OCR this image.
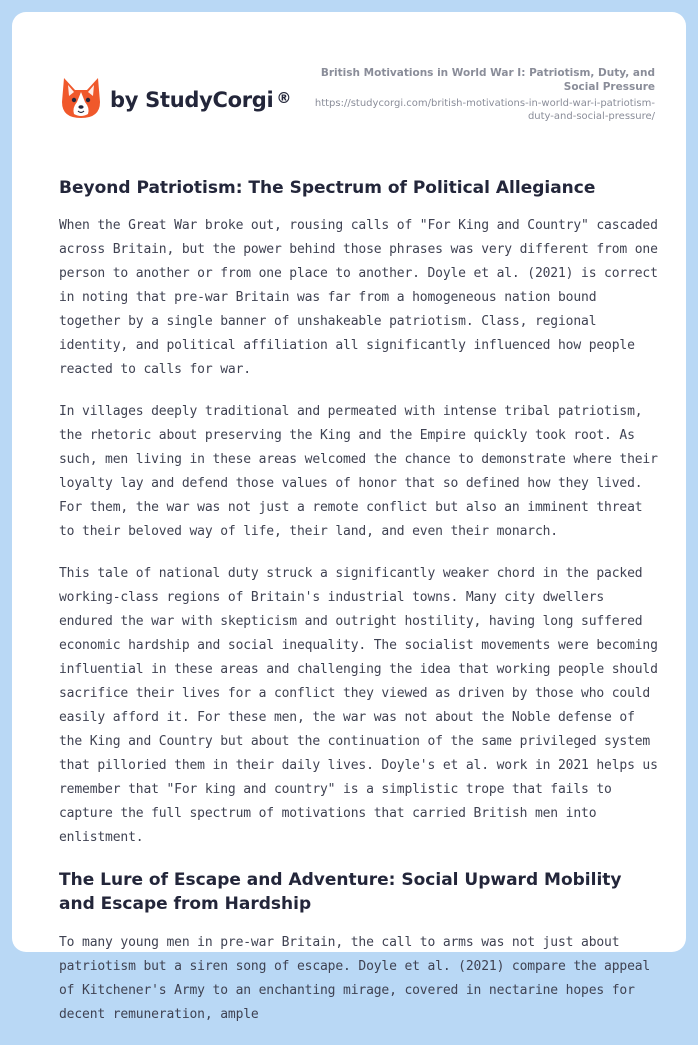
by StudyCorgi ®
British Motivations in World War I: Patriotism, Duty, and Social Pressure
https://studycorgi.com/british-motivations-in-world-war-i-patriotism-duty-and-social-pressure/
Beyond Patriotism: The Spectrum of Political Allegiance

When the Great War broke out, rousing calls of "For King and Country" cascaded across Britain, but the power behind those phrases was very different from one person to another or from one place to another. Doyle et al. (2021) is correct in noting that pre-war Britain was far from a homogeneous nation bound together by a single banner of unshakeable patriotism. Class, regional identity, and political affiliation all significantly influenced how people reacted to calls for war.

In villages deeply traditional and permeated with intense tribal patriotism, the rhetoric about preserving the King and the Empire quickly took root. As such, men living in these areas welcomed the chance to demonstrate where their loyalty lay and defend those values of honor that so defined how they lived. For them, the war was not just a remote conflict but also an imminent threat to their beloved way of life, their land, and even their monarch.

This tale of national duty struck a significantly weaker chord in the packed working-class regions of Britain's industrial towns. Many city dwellers endured the war with skepticism and outright hostility, having long suffered economic hardship and social inequality. The socialist movements were becoming influential in these areas and challenging the idea that working people should sacrifice their lives for a conflict they viewed as driven by those who could easily afford it. For these men, the war was not about the Noble defense of the King and Country but about the continuation of the same privileged system that pilloried them in their daily lives. Doyle's et al. work in 2021 helps us remember that "For king and country" is a simplistic trope that fails to capture the full spectrum of motivations that carried British men into enlistment.

The Lure of Escape and Adventure: Social Upward Mobility and Escape from Hardship

To many young men in pre-war Britain, the call to arms was not just about patriotism but a siren song of escape. Doyle et al. (2021) compare the appeal of Kitchener's Army to an enchanting mirage, covered in nectarine hopes for decent remuneration, ample
